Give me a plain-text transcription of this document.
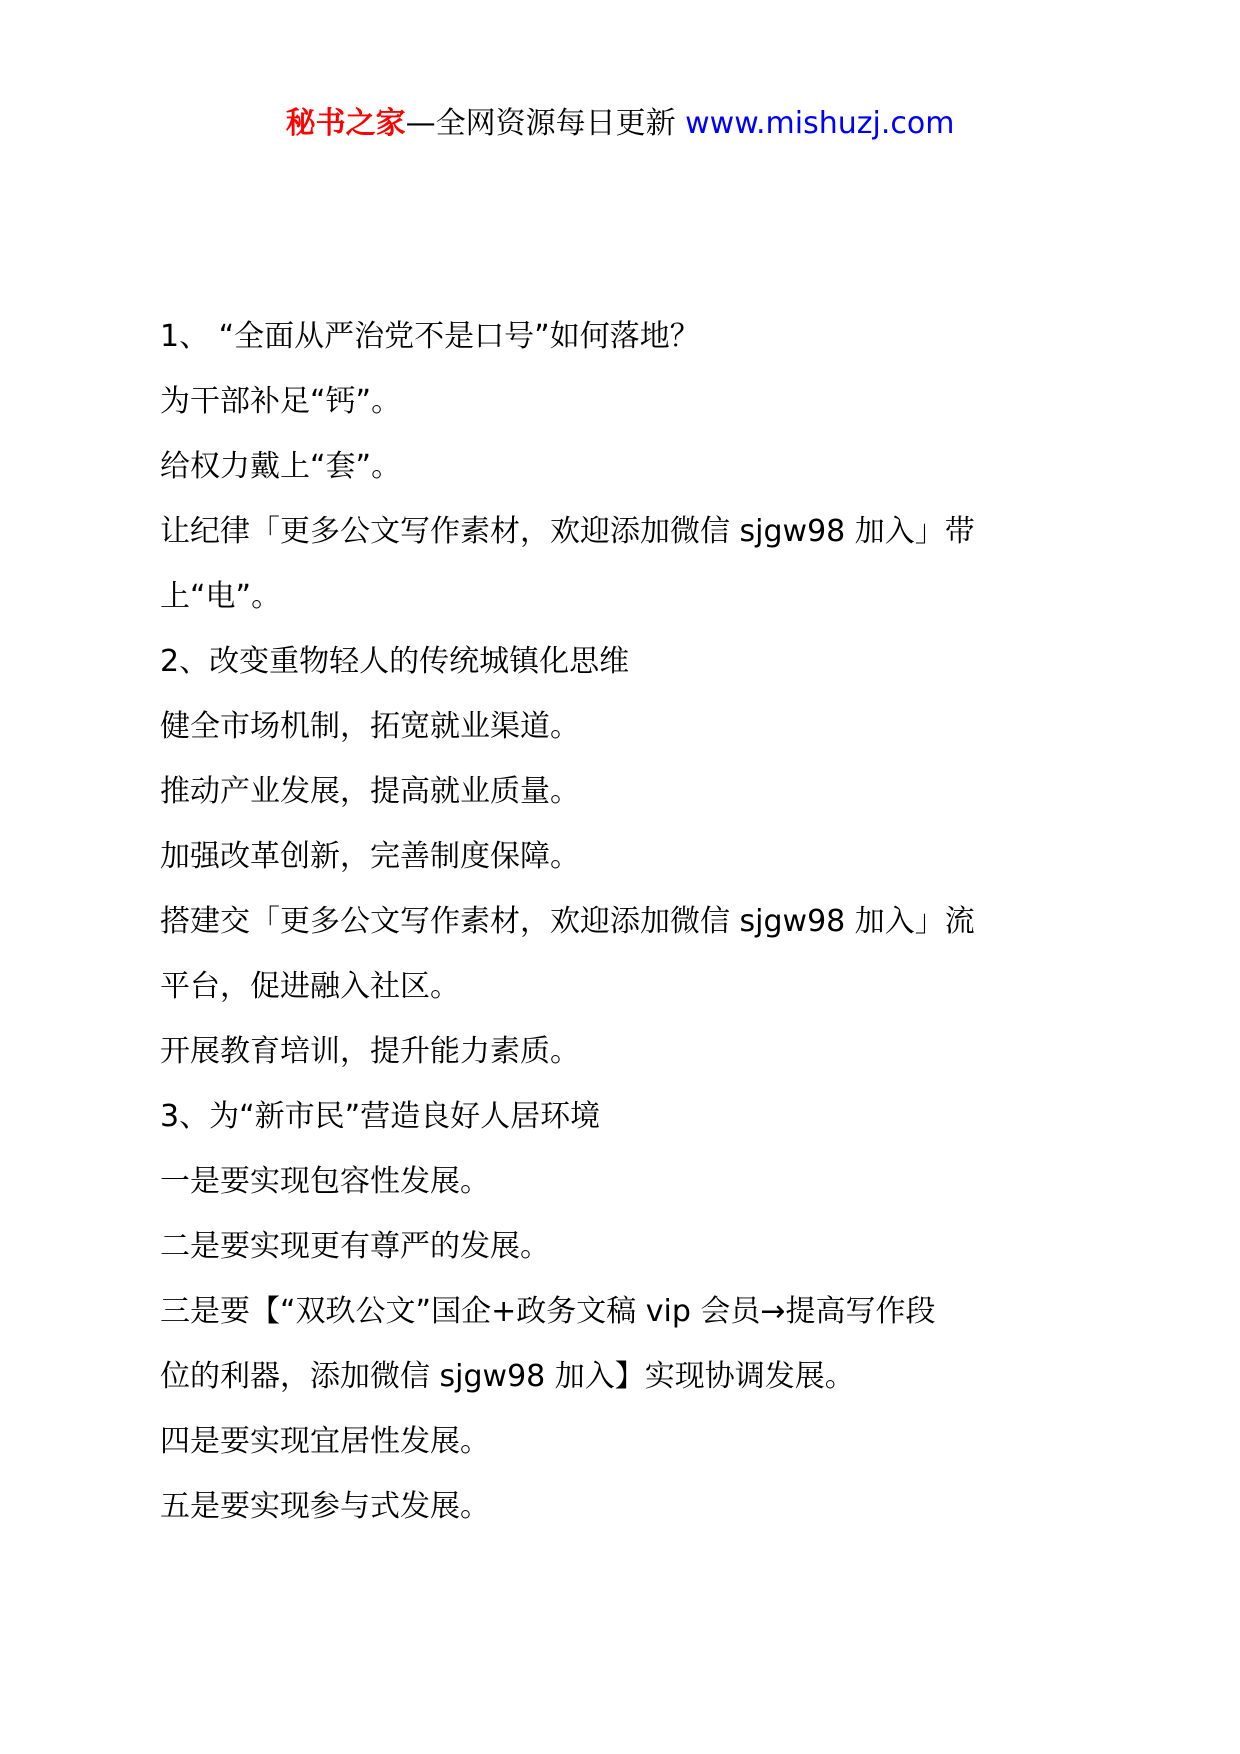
秘书之家—全网资源每日更新 www.mishuzj.com

1、 “全面从严治党不是口号”如何落地？

为干部补足“钙”。

给权力戴上“套”。

让纪律「更多公文写作素材，欢迎添加微信 sjgw98 加入」带

上“电”。

2、改变重物轻人的传统城镇化思维

健全市场机制，拓宽就业渠道。

推动产业发展，提高就业质量。

加强改革创新，完善制度保障。

搭建交「更多公文写作素材，欢迎添加微信 sjgw98 加入」流

平台，促进融入社区。

开展教育培训，提升能力素质。

3、为“新市民”营造良好人居环境

一是要实现包容性发展。

二是要实现更有尊严的发展。

三是要【“双玖公文”国企+政务文稿 vip 会员→提高写作段

位的利器，添加微信 sjgw98 加入】实现协调发展。

四是要实现宜居性发展。

五是要实现参与式发展。
